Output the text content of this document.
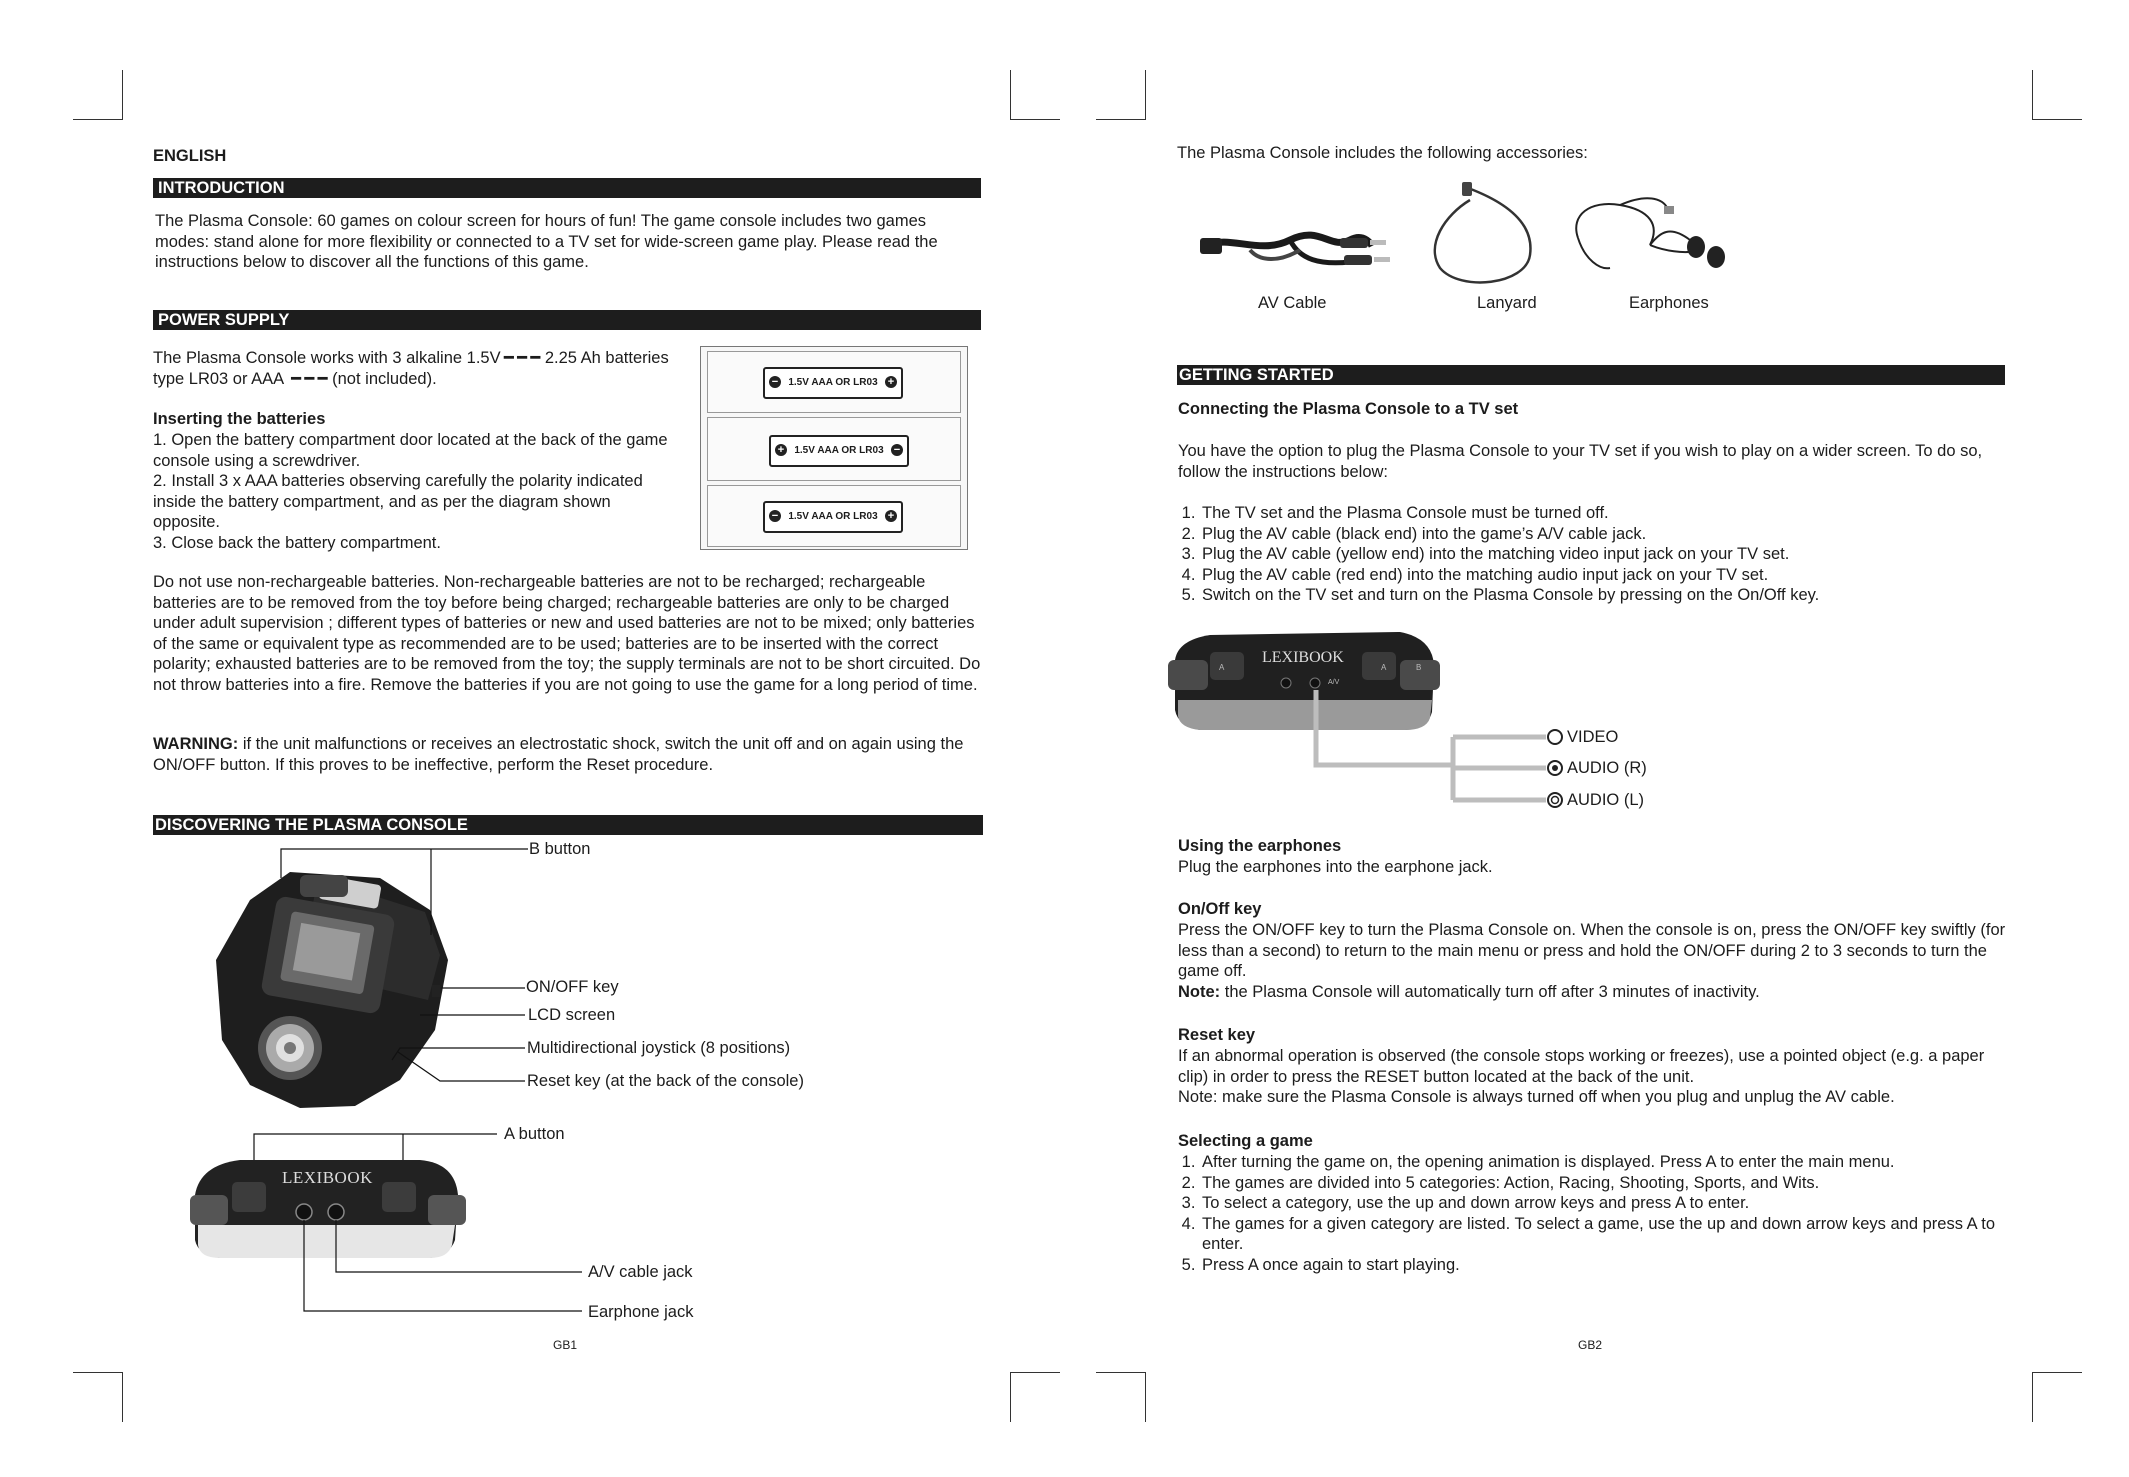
ENGLISH
INTRODUCTION
The Plasma Console: 60 games on colour screen for hours of fun! The game console includes two games modes: stand alone for more flexibility or connected to a TV set for wide-screen game play. Please read the instructions below to discover all the functions of this game.
POWER SUPPLY
The Plasma Console works with 3 alkaline 1.5V ━ ━ ━ 2.25 Ah batteries
type LR03 or AAA  ━ ━ ━ (not included).
Inserting the batteries
1. Open the battery compartment door located at the back of the game
console using a screwdriver.
2. Install 3 x AAA batteries observing carefully the polarity indicated
inside the battery compartment, and as per the diagram shown
opposite.
3. Close back the battery compartment.
− 1.5V AAA OR LR03 +
+ 1.5V AAA OR LR03 −
− 1.5V AAA OR LR03 +
Do not use non-rechargeable batteries. Non-rechargeable batteries are not to be recharged; rechargeable batteries are to be removed from the toy before being charged; rechargeable batteries are only to be charged under adult supervision ; different types of batteries or new and used batteries are not to be mixed; only batteries of the same or equivalent type as recommended are to be used; batteries are to be inserted with the correct polarity; exhausted batteries are to be removed from the toy; the supply terminals are not to be short circuited. Do not throw batteries into a fire. Remove the batteries if you are not going to use the game for a long period of time.
WARNING: if the unit malfunctions or receives an electrostatic shock, switch the unit off and on again using the ON/OFF button. If this proves to be ineffective, perform the Reset procedure.
DISCOVERING THE PLASMA CONSOLE
B button
ON/OFF key
LCD screen
Multidirectional joystick (8 positions)
Reset key (at the back of the console)
LEXIBOOK
A button
A/V cable jack
Earphone jack
GB1
The Plasma Console includes the following accessories:
AV Cable	Lanyard	Earphones
GETTING STARTED
Connecting the Plasma Console to a TV set
You have the option to plug the Plasma Console to your TV set if you wish to play on a wider screen. To do so, follow the instructions below:
1. The TV set and the Plasma Console must be turned off.
2. Plug the AV cable (black end) into the game’s A/V cable jack.
3. Plug the AV cable (yellow end) into the matching video input jack on your TV set.
4. Plug the AV cable (red end) into the matching audio input jack on your TV set.
5. Switch on the TV set and turn on the Plasma Console by pressing on the On/Off key.
LEXIBOOK
A	A	B
A/V
VIDEO
AUDIO (R)
AUDIO (L)
Using the earphones
Plug the earphones into the earphone jack.
On/Off key
Press the ON/OFF key to turn the Plasma Console on. When the console is on, press the ON/OFF key swiftly (for less than a second) to return to the main menu or press and hold the ON/OFF during 2 to 3 seconds to turn the game off.
Note: the Plasma Console will automatically turn off after 3 minutes of inactivity.
Reset key
If an abnormal operation is observed (the console stops working or freezes), use a pointed object (e.g. a paper clip) in order to press the RESET button located at the back of the unit.
Note: make sure the Plasma Console is always turned off when you plug and unplug the AV cable.
Selecting a game
1. After turning the game on, the opening animation is displayed. Press A to enter the main menu.
2. The games are divided into 5 categories: Action, Racing, Shooting, Sports, and Wits.
3. To select a category, use the up and down arrow keys and press A to enter.
4. The games for a given category are listed. To select a game, use the up and down arrow keys and press A to enter.
5. Press A once again to start playing.
GB2
